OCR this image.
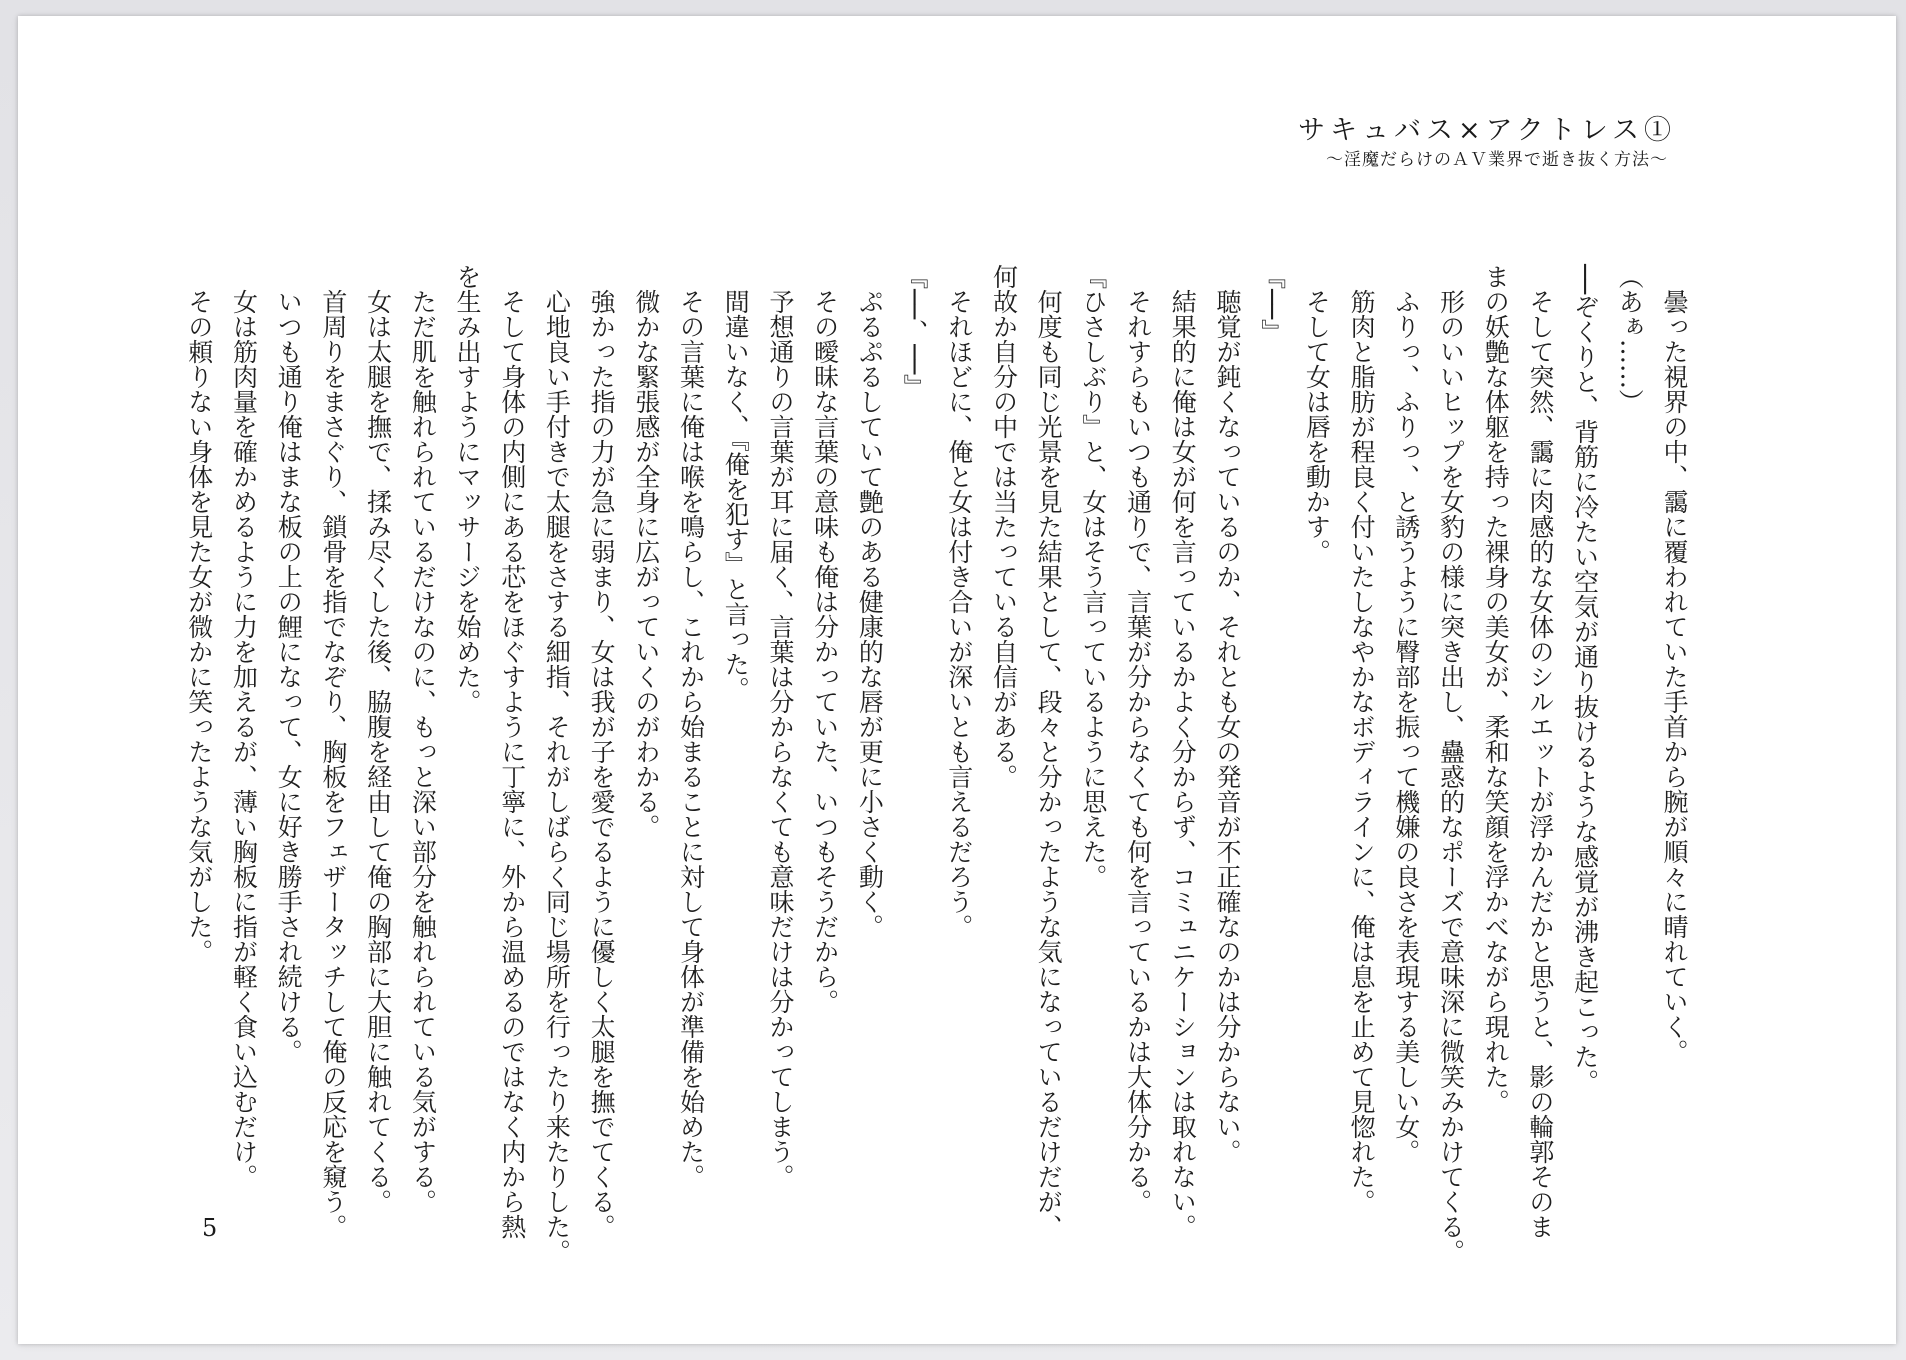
サキュバス×アクトレス①
〜淫魔だらけのＡＶ業界で逝き抜く方法〜
曇った視界の中、靄に覆われていた手首から腕が順々に晴れていく。
（あぁ……）
──ぞくりと、背筋に冷たい空気が通り抜けるような感覚が沸き起こった。
そして突然、靄に肉感的な女体のシルエットが浮かんだかと思うと、影の輪郭そのま
まの妖艶な体躯を持った裸身の美女が、柔和な笑顔を浮かべながら現れた。
形のいいヒップを女豹の様に突き出し、蠱惑的なポーズで意味深に微笑みかけてくる。
ふりっ、ふりっ、と誘うように臀部を振って機嫌の良さを表現する美しい女。
筋肉と脂肪が程良く付いたしなやかなボディラインに、俺は息を止めて見惚れた。
そして女は唇を動かす。
『──』
聴覚が鈍くなっているのか、それとも女の発音が不正確なのかは分からない。
結果的に俺は女が何を言っているかよく分からず、コミュニケーションは取れない。
それすらもいつも通りで、言葉が分からなくても何を言っているかは大体分かる。
『ひさしぶり』と、女はそう言っているように思えた。
何度も同じ光景を見た結果として、段々と分かったような気になっているだけだが、
何故か自分の中では当たっている自信がある。
それほどに、俺と女は付き合いが深いとも言えるだろう。
『──、──』
ぷるぷるしていて艶のある健康的な唇が更に小さく動く。
その曖昧な言葉の意味も俺は分かっていた、いつもそうだから。
予想通りの言葉が耳に届く、言葉は分からなくても意味だけは分かってしまう。
間違いなく、『俺を犯す』と言った。
その言葉に俺は喉を鳴らし、これから始まることに対して身体が準備を始めた。
微かな緊張感が全身に広がっていくのがわかる。
強かった指の力が急に弱まり、女は我が子を愛でるように優しく太腿を撫でてくる。
心地良い手付きで太腿をさする細指、それがしばらく同じ場所を行ったり来たりした。
そして身体の内側にある芯をほぐすように丁寧に、外から温めるのではなく内から熱
を生み出すようにマッサージを始めた。
ただ肌を触れられているだけなのに、もっと深い部分を触れられている気がする。
女は太腿を撫で、揉み尽くした後、脇腹を経由して俺の胸部に大胆に触れてくる。
首周りをまさぐり、鎖骨を指でなぞり、胸板をフェザータッチして俺の反応を窺う。
いつも通り俺はまな板の上の鯉になって、女に好き勝手され続ける。
女は筋肉量を確かめるように力を加えるが、薄い胸板に指が軽く食い込むだけ。
その頼りない身体を見た女が微かに笑ったような気がした。
5
